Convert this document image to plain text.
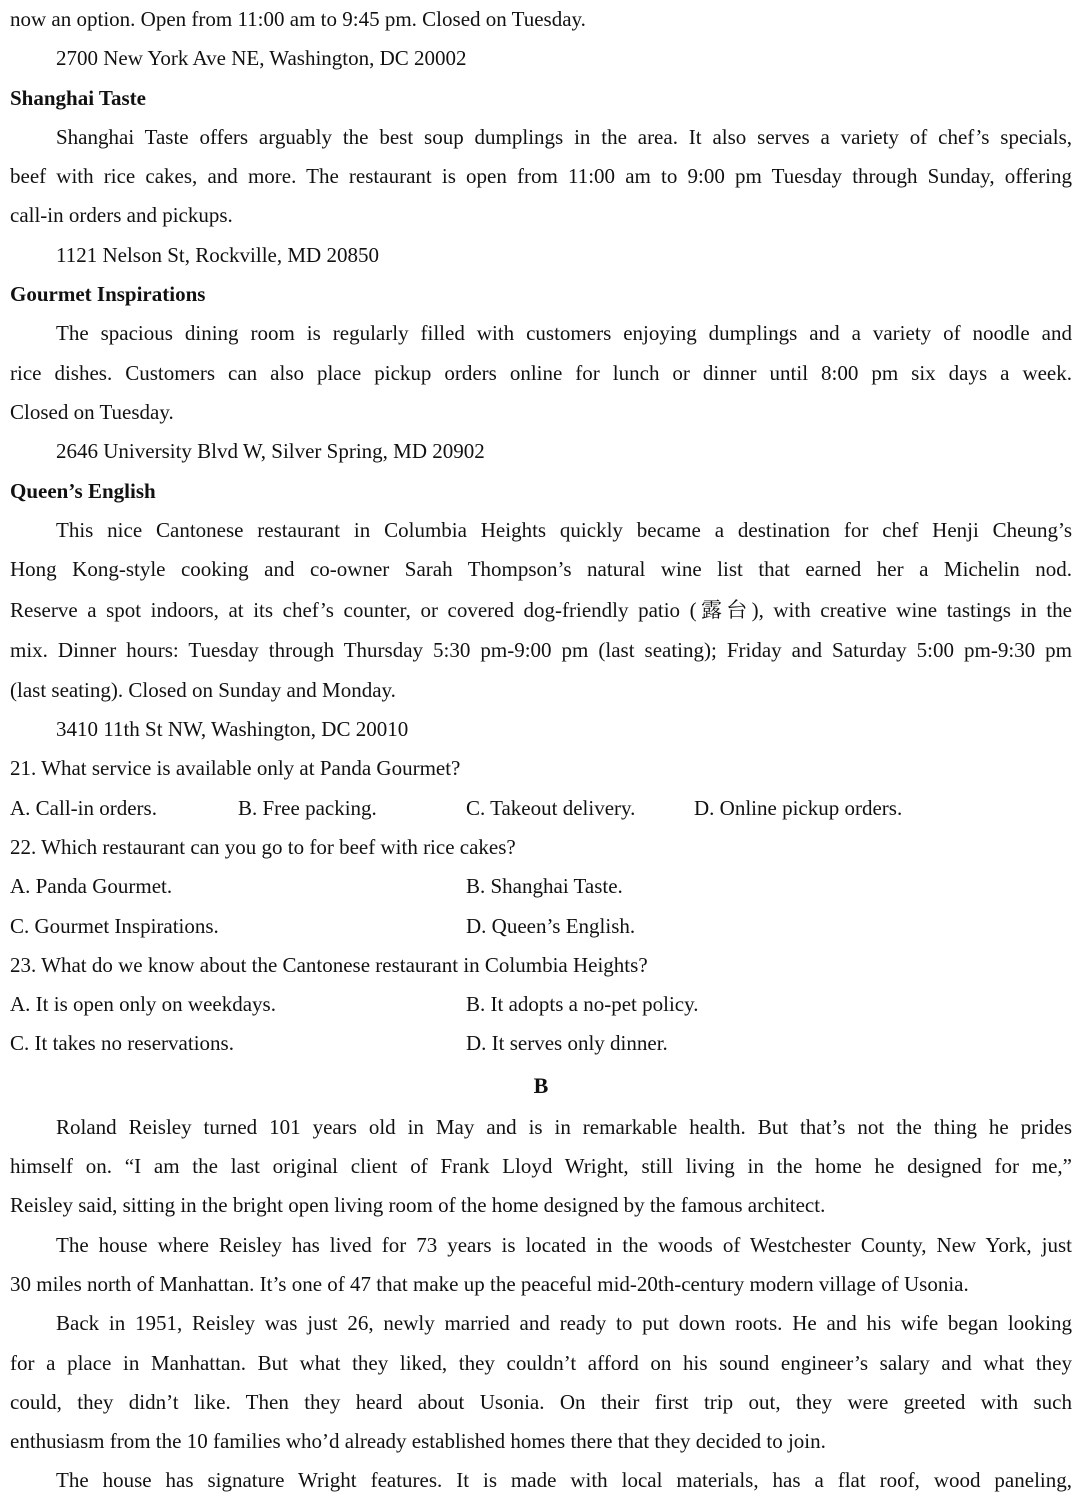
now an option. Open from 11:00 am to 9:45 pm. Closed on Tuesday.
2700 New York Ave NE, Washington, DC 20002
Shanghai Taste
Shanghai Taste offers arguably the best soup dumplings in the area. It also serves a variety of chef’s specials,
beef with rice cakes, and more. The restaurant is open from 11:00 am to 9:00 pm Tuesday through Sunday, offering
call-in orders and pickups.
1121 Nelson St, Rockville, MD 20850
Gourmet Inspirations
The spacious dining room is regularly filled with customers enjoying dumplings and a variety of noodle and
rice dishes. Customers can also place pickup orders online for lunch or dinner until 8:00 pm six days a week.
Closed on Tuesday.
2646 University Blvd W, Silver Spring, MD 20902
Queen’s English
This nice Cantonese restaurant in Columbia Heights quickly became a destination for chef Henji Cheung’s
Hong Kong-style cooking and co-owner Sarah Thompson’s natural wine list that earned her a Michelin nod.
Reserve a spot indoors, at its chef’s counter, or covered dog-friendly patio (露台), with creative wine tastings in the
mix. Dinner hours: Tuesday through Thursday 5:30 pm-9:00 pm (last seating); Friday and Saturday 5:00 pm-9:30 pm
(last seating). Closed on Sunday and Monday.
3410 11th St NW, Washington, DC 20010
21. What service is available only at Panda Gourmet?
A. Call-in orders.	B. Free packing.	C. Takeout delivery.	D. Online pickup orders.
22. Which restaurant can you go to for beef with rice cakes?
A. Panda Gourmet.	B. Shanghai Taste.
C. Gourmet Inspirations.	D. Queen’s English.
23. What do we know about the Cantonese restaurant in Columbia Heights?
A. It is open only on weekdays.	B. It adopts a no-pet policy.
C. It takes no reservations.	D. It serves only dinner.
B
Roland Reisley turned 101 years old in May and is in remarkable health. But that’s not the thing he prides
himself on. “I am the last original client of Frank Lloyd Wright, still living in the home he designed for me,”
Reisley said, sitting in the bright open living room of the home designed by the famous architect.
The house where Reisley has lived for 73 years is located in the woods of Westchester County, New York, just
30 miles north of Manhattan. It’s one of 47 that make up the peaceful mid-20th-century modern village of Usonia.
Back in 1951, Reisley was just 26, newly married and ready to put down roots. He and his wife began looking
for a place in Manhattan. But what they liked, they couldn’t afford on his sound engineer’s salary and what they
could, they didn’t like. Then they heard about Usonia. On their first trip out, they were greeted with such
enthusiasm from the 10 families who’d already established homes there that they decided to join.
The house has signature Wright features. It is made with local materials, has a flat roof, wood paneling,
